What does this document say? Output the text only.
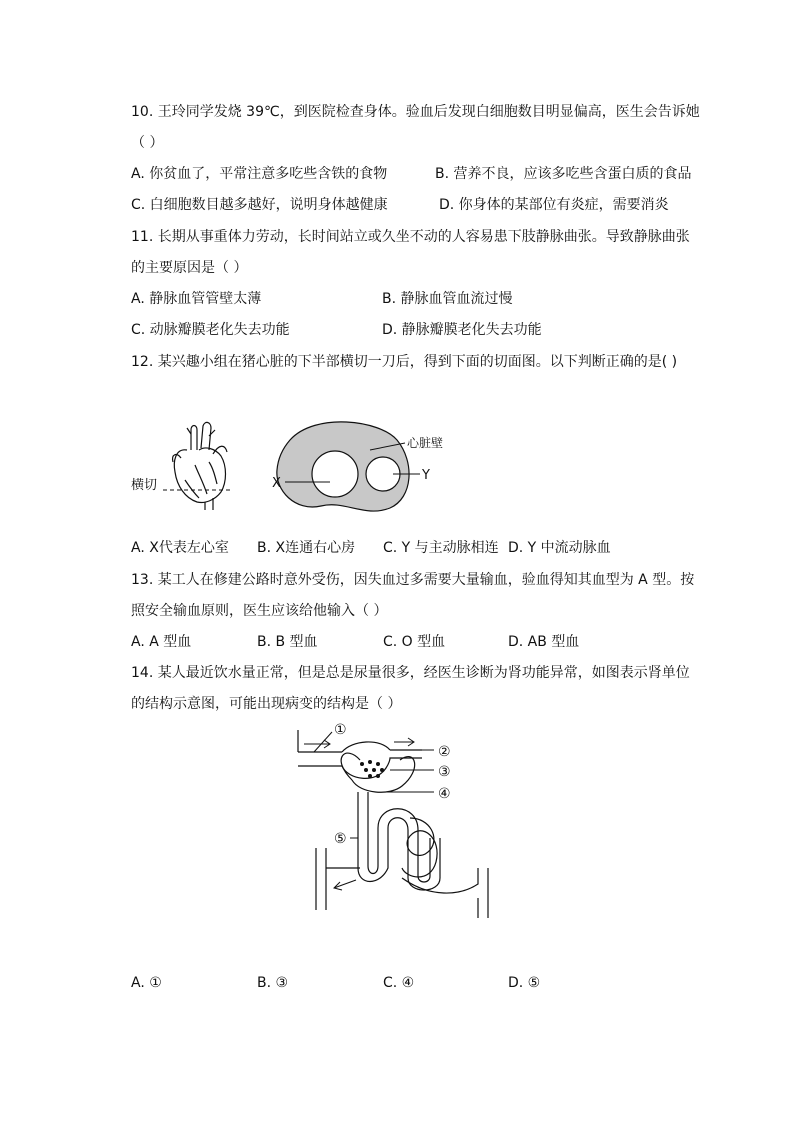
10. 王玲同学发烧 39℃，到医院检查身体。验血后发现白细胞数目明显偏高，医生会告诉她
（ ）
A. 你贫血了，平常注意多吃些含铁的食物	B. 营养不良，应该多吃些含蛋白质的食品
C. 白细胞数目越多越好，说明身体越健康	D. 你身体的某部位有炎症，需要消炎
11. 长期从事重体力劳动，长时间站立或久坐不动的人容易患下肢静脉曲张。导致静脉曲张
的主要原因是（ ）
A. 静脉血管管壁太薄	B. 静脉血管血流过慢
C. 动脉瓣膜老化失去功能	D. 静脉瓣膜老化失去功能
12. 某兴趣小组在猪心脏的下半部横切一刀后，得到下面的切面图。以下判断正确的是( )
横切
心脏壁
X
Y
A. X代表左心室 B. X连通右心房 C. Y 与主动脉相连 D. Y 中流动脉血
13. 某工人在修建公路时意外受伤，因失血过多需要大量输血，验血得知其血型为 A 型。按
照安全输血原则，医生应该给他输入（ ）
A. A 型血	B. B 型血	C. O 型血	D. AB 型血
14. 某人最近饮水量正常，但是总是尿量很多，经医生诊断为肾功能异常，如图表示肾单位
的结构示意图，可能出现病变的结构是（ ）
①
②
③
④
⑤
A. ①	B. ③	C. ④	D. ⑤
